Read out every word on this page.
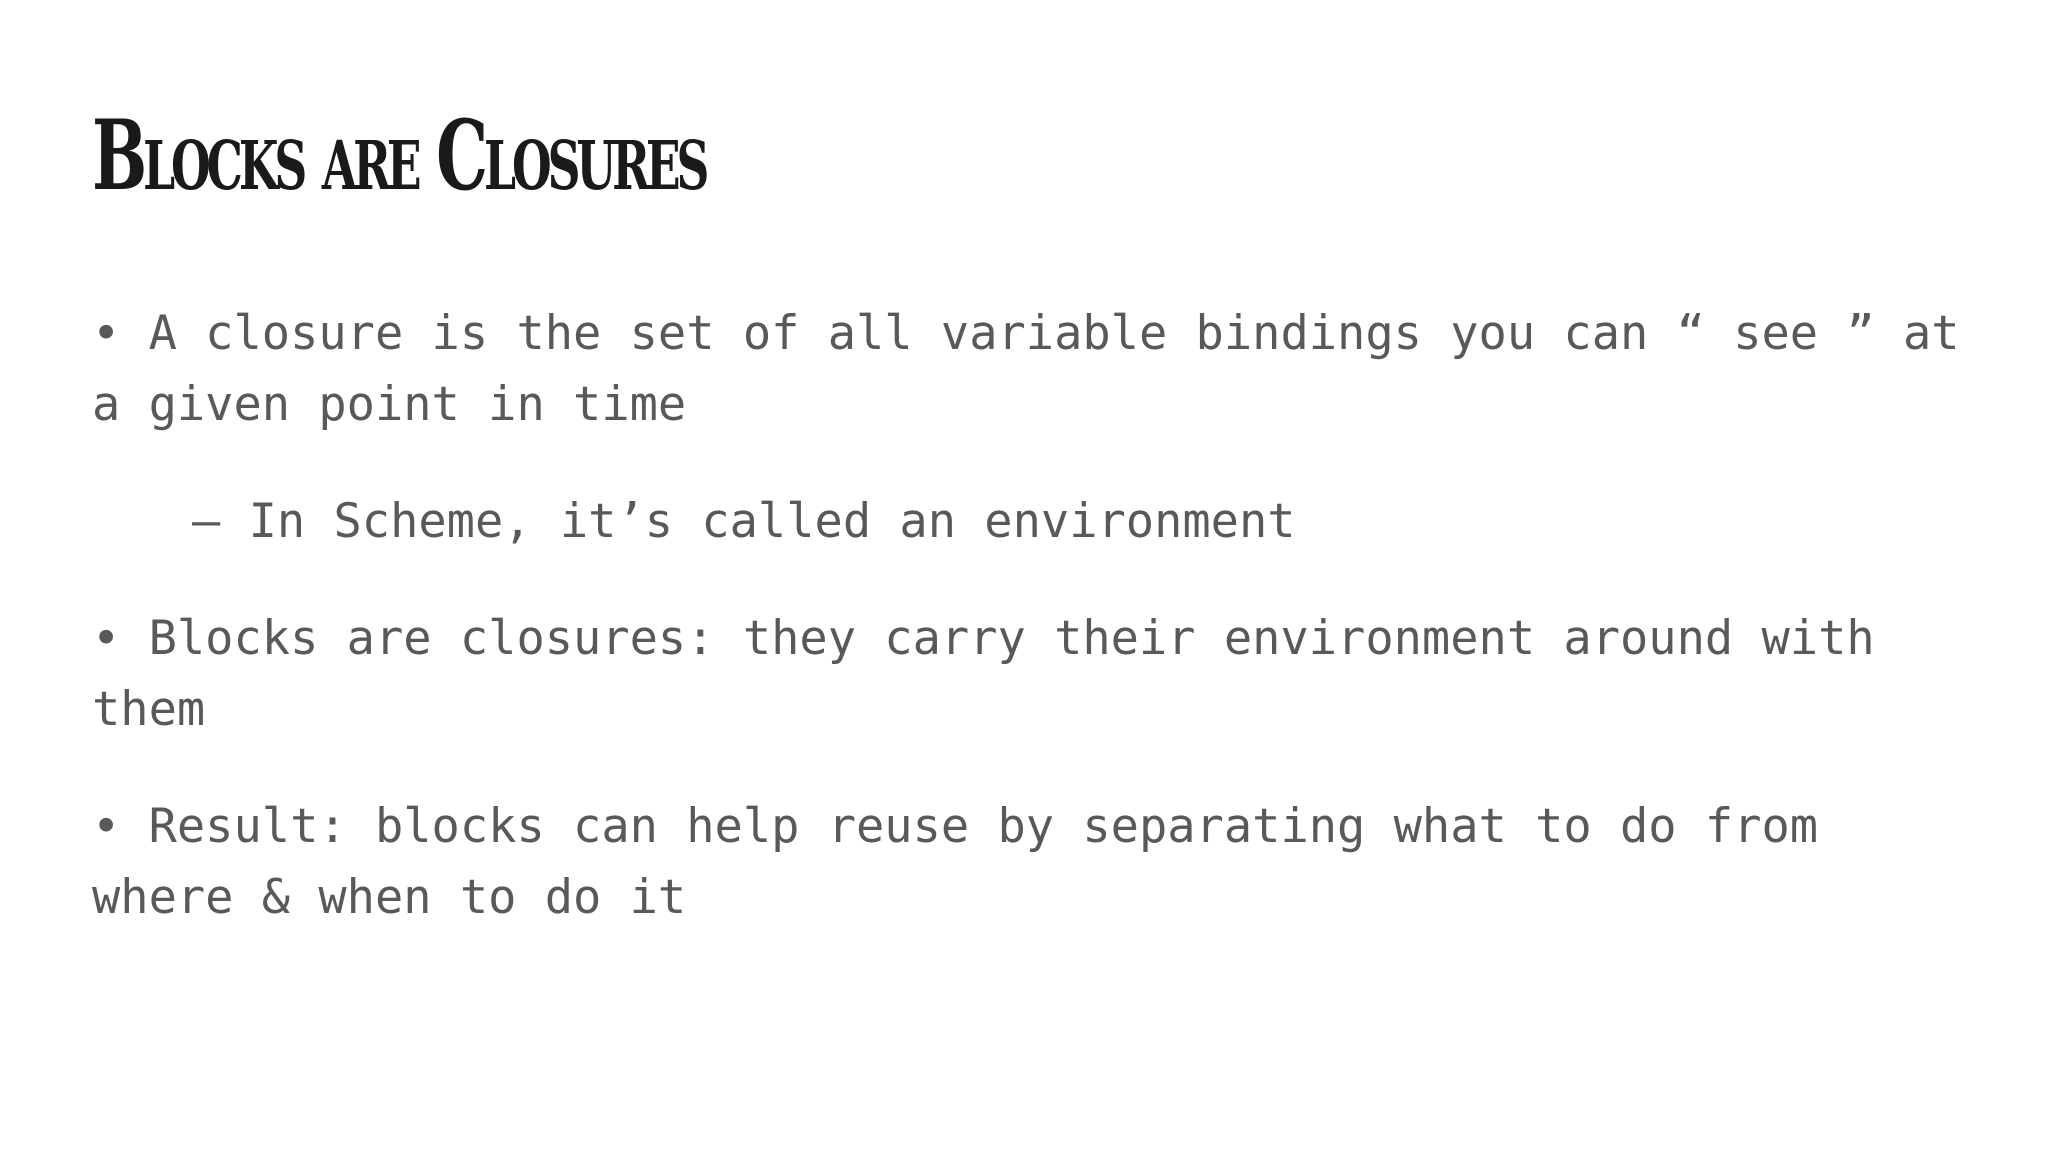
Blocks are Closures

• A closure is the set of all variable bindings you can “ see ” at a given point in time

– In Scheme, it’s called an environment

• Blocks are closures: they carry their environment around with them

• Result: blocks can help reuse by separating what to do from where & when to do it
